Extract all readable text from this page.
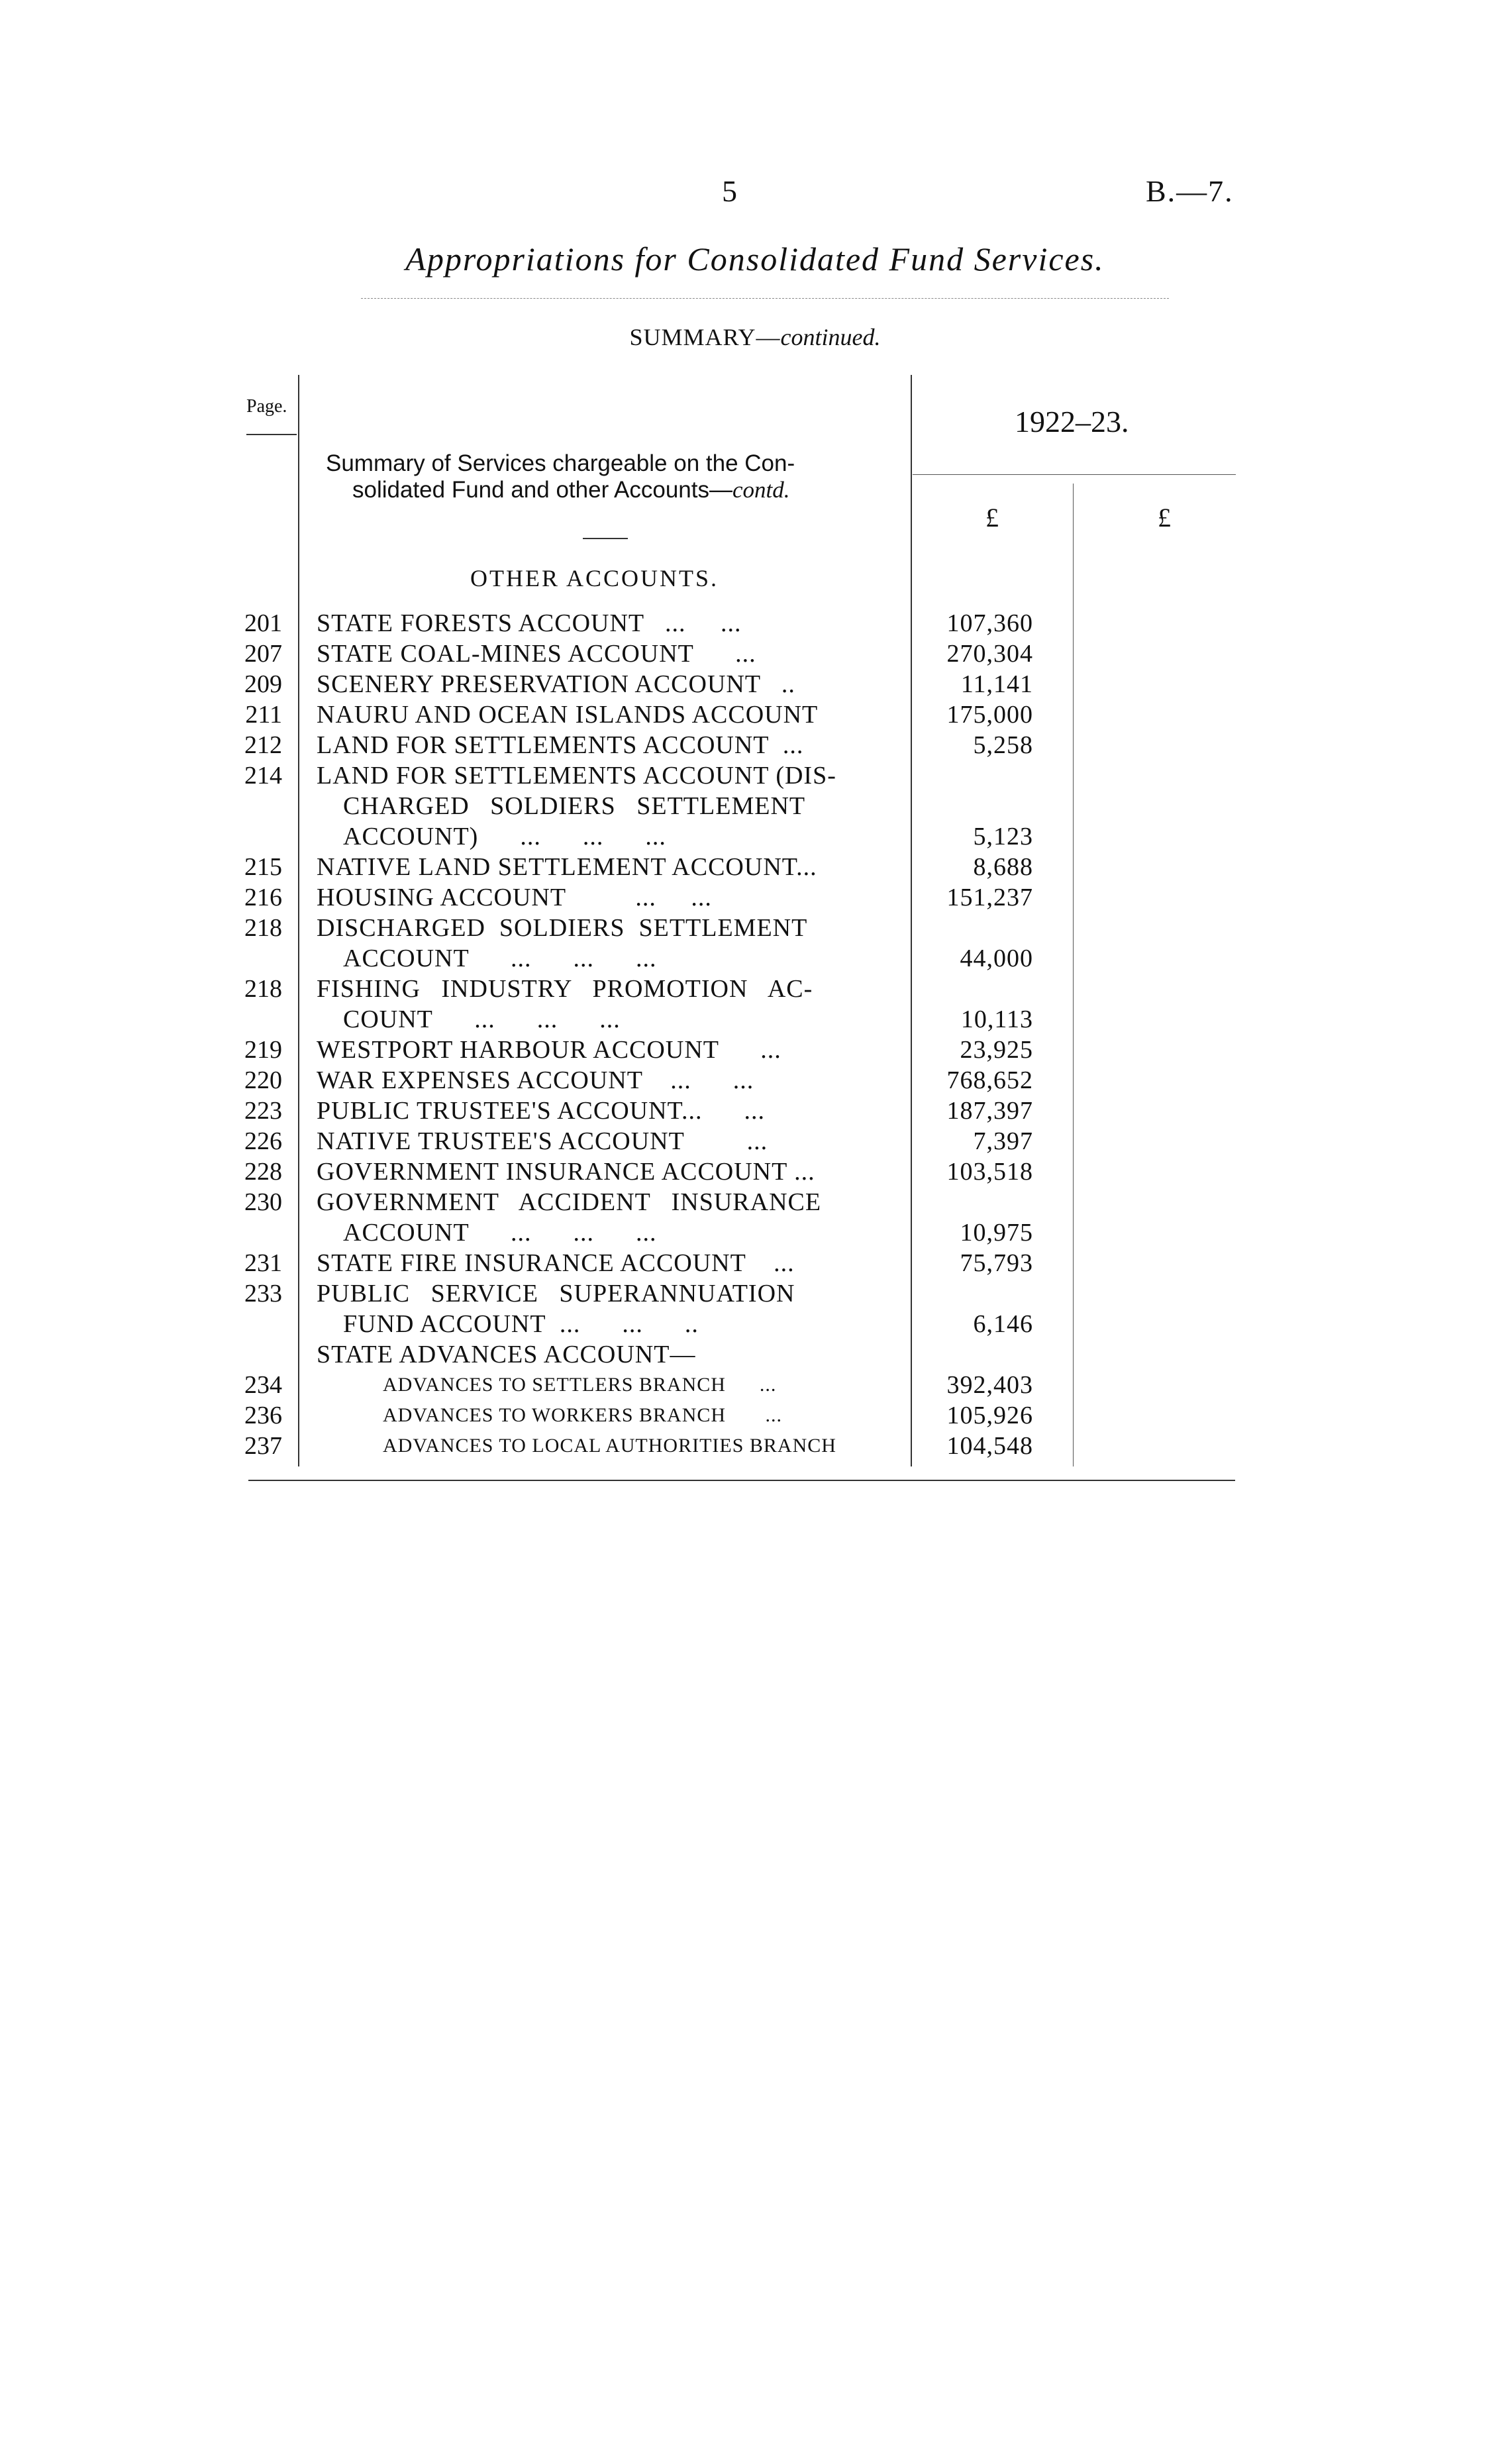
5	B.—7.
Appropriations for Consolidated Fund Services.
SUMMARY—continued.
Page.	1922–23.
Summary of Services chargeable on the Con-
solidated Fund and other Accounts—contd.
£	£
OTHER ACCOUNTS.
201 STATE FORESTS ACCOUNT   ...     ...	107,360
207 STATE COAL-MINES ACCOUNT      ...	270,304
209 SCENERY PRESERVATION ACCOUNT   ..	11,141
211 NAURU AND OCEAN ISLANDS ACCOUNT	175,000
212 LAND FOR SETTLEMENTS ACCOUNT  ...	5,258
214 LAND FOR SETTLEMENTS ACCOUNT (DIS-
CHARGED   SOLDIERS   SETTLEMENT
ACCOUNT)      ...      ...      ...	5,123
215 NATIVE LAND SETTLEMENT ACCOUNT...	8,688
216 HOUSING ACCOUNT          ...     ...	151,237
218 DISCHARGED  SOLDIERS  SETTLEMENT
ACCOUNT      ...      ...      ...	44,000
218 FISHING   INDUSTRY   PROMOTION   AC-
COUNT      ...      ...      ...	10,113
219 WESTPORT HARBOUR ACCOUNT      ...	23,925
220 WAR EXPENSES ACCOUNT    ...      ...	768,652
223 PUBLIC TRUSTEE'S ACCOUNT...      ...	187,397
226 NATIVE TRUSTEE'S ACCOUNT         ...	7,397
228 GOVERNMENT INSURANCE ACCOUNT ...	103,518
230 GOVERNMENT   ACCIDENT   INSURANCE
ACCOUNT      ...      ...      ...	10,975
231 STATE FIRE INSURANCE ACCOUNT    ...	75,793
233 PUBLIC   SERVICE   SUPERANNUATION
FUND ACCOUNT  ...      ...      ..	6,146
STATE ADVANCES ACCOUNT—
234	ADVANCES TO SETTLERS BRANCH      ...	392,403
236	ADVANCES TO WORKERS BRANCH       ...	105,926
237	ADVANCES TO LOCAL AUTHORITIES BRANCH	104,548
